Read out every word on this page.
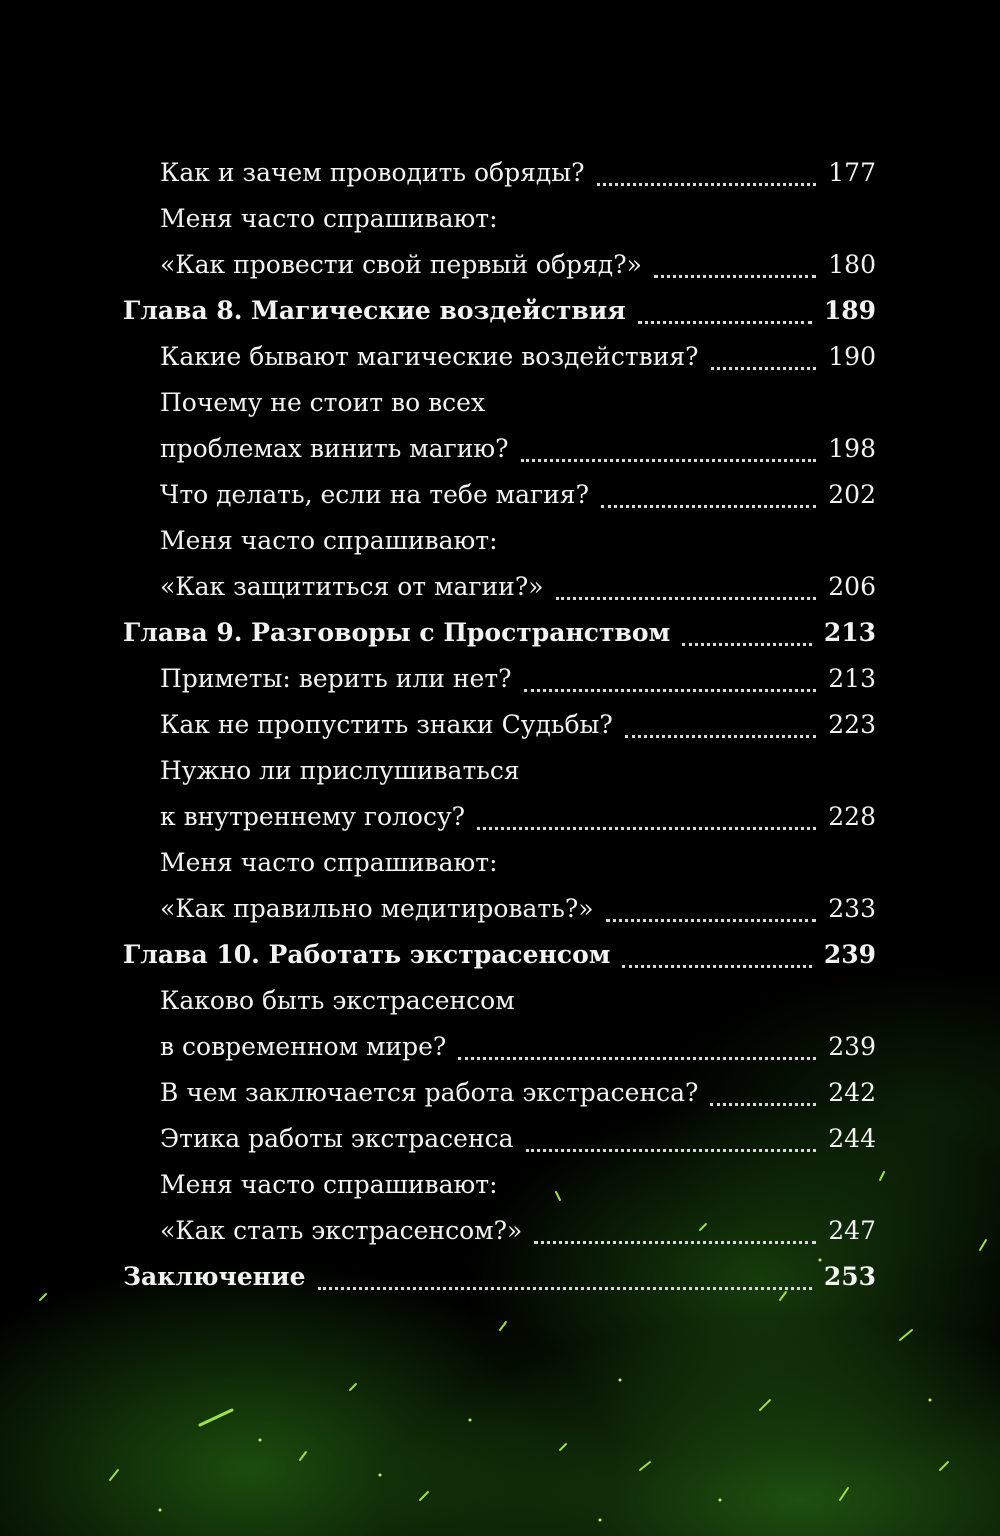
Как и зачем проводить обряды?	177
Меня часто спрашивают:
«Как провести свой первый обряд?»	180
Глава 8. Магические воздействия	189
Какие бывают магические воздействия?	190
Почему не стоит во всех
проблемах винить магию?	198
Что делать, если на тебе магия?	202
Меня часто спрашивают:
«Как защититься от магии?»	206
Глава 9. Разговоры с Пространством	213
Приметы: верить или нет?	213
Как не пропустить знаки Судьбы?	223
Нужно ли прислушиваться
к внутреннему голосу?	228
Меня часто спрашивают:
«Как правильно медитировать?»	233
Глава 10. Работать экстрасенсом	239
Каково быть экстрасенсом
в современном мире?	239
В чем заключается работа экстрасенса?	242
Этика работы экстрасенса	244
Меня часто спрашивают:
«Как стать экстрасенсом?»	247
Заключение	253
